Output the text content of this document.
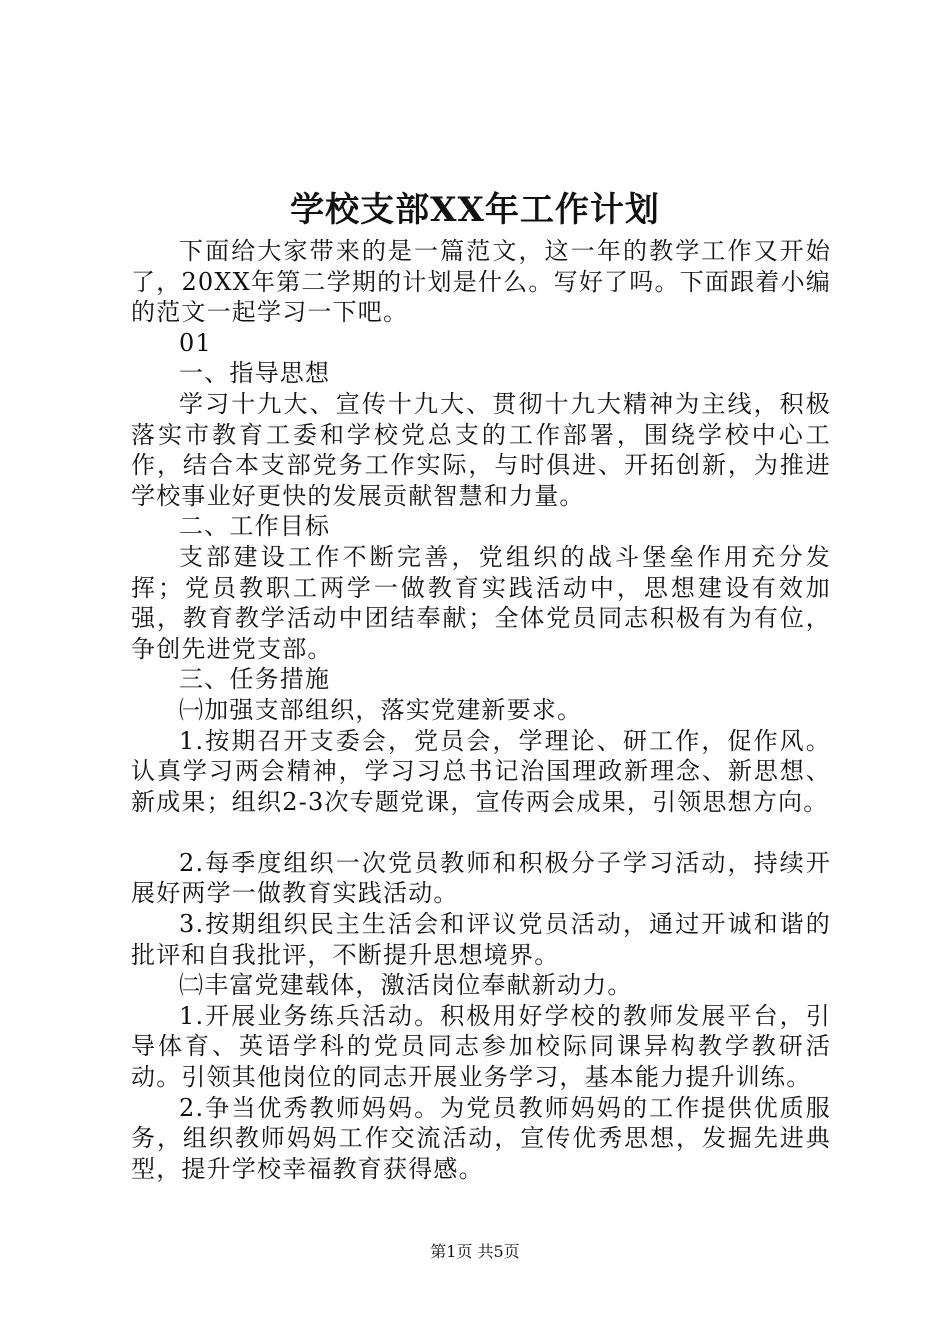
学校支部XX年工作计划

下面给大家带来的是一篇范文，这一年的教学工作又开始了，20XX年第二学期的计划是什么。写好了吗。下面跟着小编的范文一起学习一下吧。

01

一、指导思想

学习十九大、宣传十九大、贯彻十九大精神为主线，积极落实市教育工委和学校党总支的工作部署，围绕学校中心工作，结合本支部党务工作实际，与时俱进、开拓创新，为推进学校事业好更快的发展贡献智慧和力量。

二、工作目标

支部建设工作不断完善，党组织的战斗堡垒作用充分发挥；党员教职工两学一做教育实践活动中，思想建设有效加强，教育教学活动中团结奉献；全体党员同志积极有为有位，争创先进党支部。

三、任务措施

㈠加强支部组织，落实党建新要求。

1.按期召开支委会，党员会，学理论、研工作，促作风。认真学习两会精神，学习习总书记治国理政新理念、新思想、新成果；组织2-3次专题党课，宣传两会成果，引领思想方向。

2.每季度组织一次党员教师和积极分子学习活动，持续开展好两学一做教育实践活动。

3.按期组织民主生活会和评议党员活动，通过开诚和谐的批评和自我批评，不断提升思想境界。

㈡丰富党建载体，激活岗位奉献新动力。

1.开展业务练兵活动。积极用好学校的教师发展平台，引导体育、英语学科的党员同志参加校际同课异构教学教研活动。引领其他岗位的同志开展业务学习，基本能力提升训练。

2.争当优秀教师妈妈。为党员教师妈妈的工作提供优质服务，组织教师妈妈工作交流活动，宣传优秀思想，发掘先进典型，提升学校幸福教育获得感。

第1页 共5页
